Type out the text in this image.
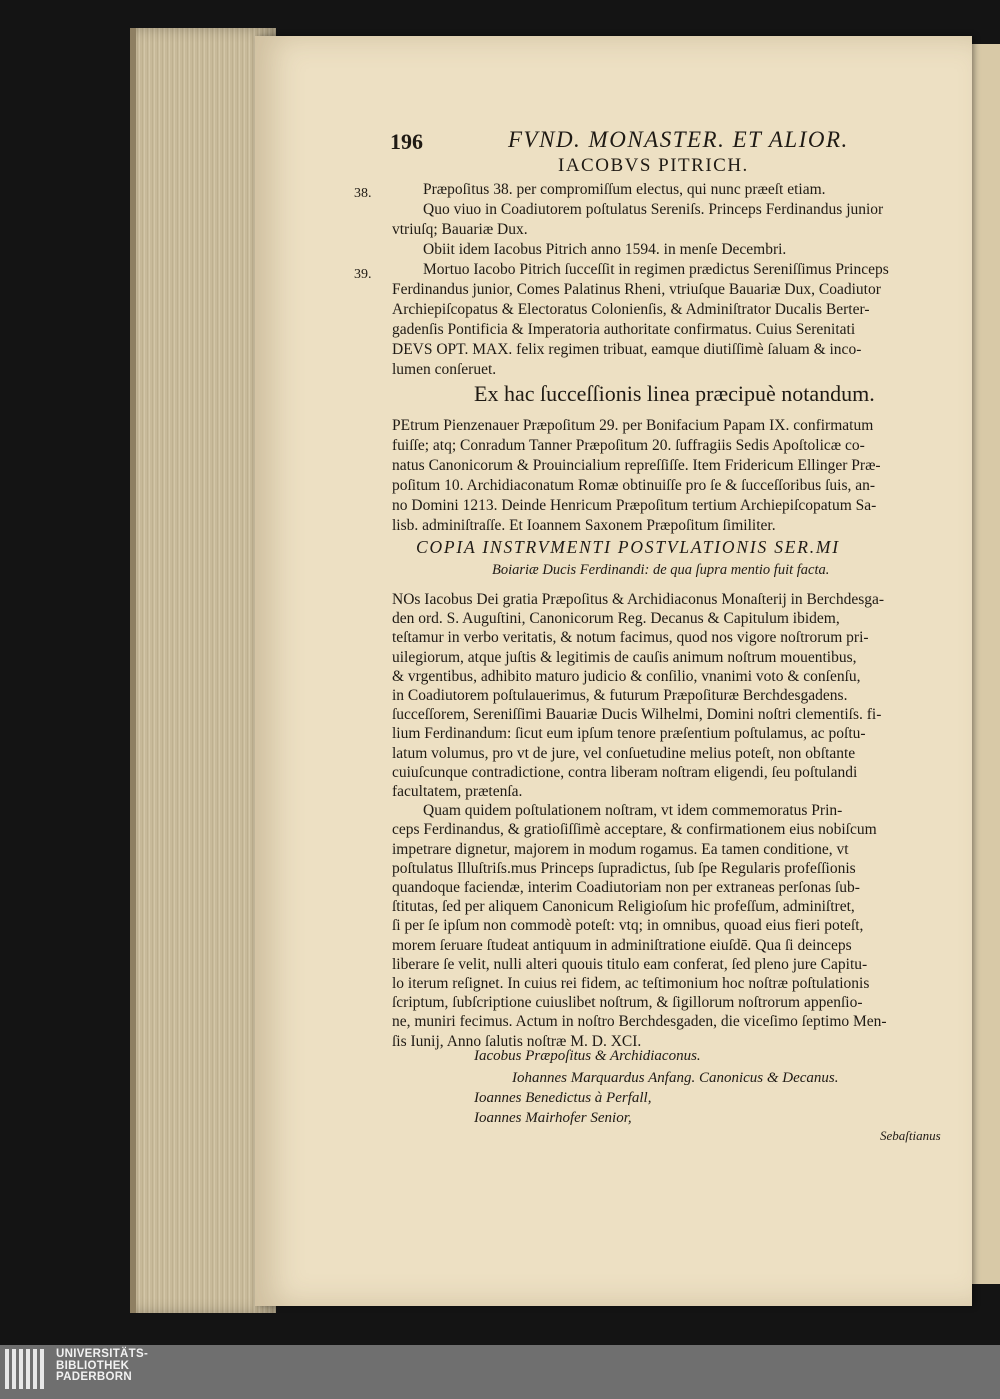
196	FVND. MONASTER. ET ALIOR.
IACOBVS PITRICH.
38.
39.
Præpoſitus 38. per compromiſſum electus, qui nunc præeſt etiam.
Quo viuo in Coadiutorem poſtulatus Sereniſs. Princeps Ferdinandus junior
vtriuſq; Bauariæ Dux.
Obiit idem Iacobus Pitrich anno 1594. in menſe Decembri.
Mortuo Iacobo Pitrich ſucceſſit in regimen prædictus Sereniſſimus Princeps
Ferdinandus junior, Comes Palatinus Rheni, vtriuſque Bauariæ Dux, Coadiutor
Archiepiſcopatus & Electoratus Colonienſis, & Adminiſtrator Ducalis Berter-
gadenſis Pontificia & Imperatoria authoritate confirmatus. Cuius Serenitati
DEVS OPT. MAX. felix regimen tribuat, eamque diutiſſimè ſaluam & inco-
lumen conſeruet.
Ex hac ſucceſſionis linea præcipuè notandum.
PEtrum Pienzenauer Præpoſitum 29. per Bonifacium Papam IX. confirmatum
fuiſſe; atq; Conradum Tanner Præpoſitum 20. ſuffragiis Sedis Apoſtolicæ co-
natus Canonicorum & Prouincialium repreſſiſſe. Item Fridericum Ellinger Præ-
poſitum 10. Archidiaconatum Romæ obtinuiſſe pro ſe & ſucceſſoribus ſuis, an-
no Domini 1213. Deinde Henricum Præpoſitum tertium Archiepiſcopatum Sa-
lisb. adminiſtraſſe. Et Ioannem Saxonem Præpoſitum ſimiliter.
COPIA INSTRVMENTI POSTVLATIONIS SER.MI
Boiariæ Ducis Ferdinandi: de qua ſupra mentio fuit facta.
NOs Iacobus Dei gratia Præpoſitus & Archidiaconus Monaſterij in Berchdesga-
den ord. S. Auguſtini, Canonicorum Reg. Decanus & Capitulum ibidem,
teſtamur in verbo veritatis, & notum facimus, quod nos vigore noſtrorum pri-
uilegiorum, atque juſtis & legitimis de cauſis animum noſtrum mouentibus,
& vrgentibus, adhibito maturo judicio & conſilio, vnanimi voto & conſenſu,
in Coadiutorem poſtulauerimus, & futurum Præpoſituræ Berchdesgadens.
ſucceſſorem, Sereniſſimi Bauariæ Ducis Wilhelmi, Domini noſtri clementiſs. fi-
lium Ferdinandum: ſicut eum ipſum tenore præſentium poſtulamus, ac poſtu-
latum volumus, pro vt de jure, vel conſuetudine melius poteſt, non obſtante
cuiuſcunque contradictione, contra liberam noſtram eligendi, ſeu poſtulandi
facultatem, prætenſa.
Quam quidem poſtulationem noſtram, vt idem commemoratus Prin-
ceps Ferdinandus, & gratioſiſſimè acceptare, & confirmationem eius nobiſcum
impetrare dignetur, majorem in modum rogamus. Ea tamen conditione, vt
poſtulatus Illuſtriſs.mus Princeps ſupradictus, ſub ſpe Regularis profeſſionis
quandoque faciendæ, interim Coadiutoriam non per extraneas perſonas ſub-
ſtitutas, ſed per aliquem Canonicum Religioſum hic profeſſum, adminiſtret,
ſi per ſe ipſum non commodè poteſt: vtq; in omnibus, quoad eius fieri poteſt,
morem ſeruare ſtudeat antiquum in adminiſtratione eiuſdē. Qua ſi deinceps
liberare ſe velit, nulli alteri quouis titulo eam conferat, ſed pleno jure Capitu-
lo iterum reſignet. In cuius rei fidem, ac teſtimonium hoc noſtræ poſtulationis
ſcriptum, ſubſcriptione cuiuslibet noſtrum, & ſigillorum noſtrorum appenſio-
ne, muniri fecimus. Actum in noſtro Berchdesgaden, die viceſimo ſeptimo Men-
ſis Iunij, Anno ſalutis noſtræ M. D. XCI.
Iacobus Præpoſitus & Archidiaconus.
Iohannes Marquardus Anfang. Canonicus & Decanus.
Ioannes Benedictus à Perfall,
Ioannes Mairhofer Senior,
Sebaſtianus
UNIVERSITÄTS-
BIBLIOTHEK
PADERBORN
